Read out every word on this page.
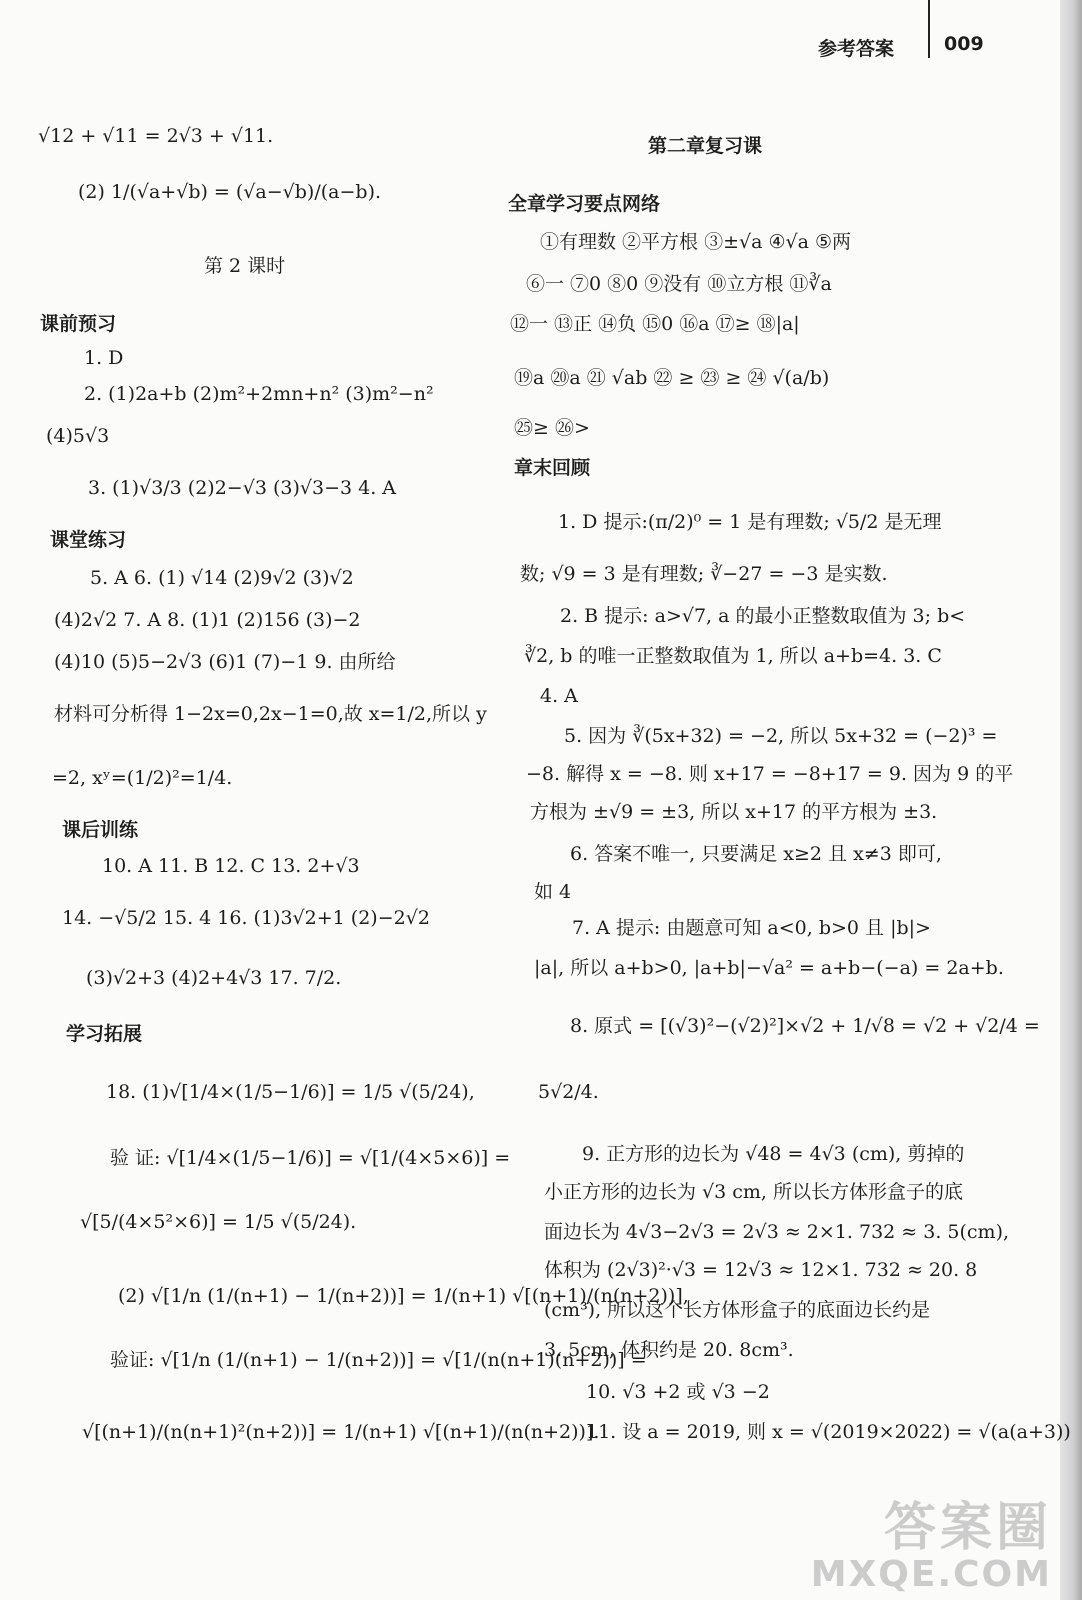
参考答案	009
√12 + √11 = 2√3 + √11.
(2) 1/(√a+√b) = (√a−√b)/(a−b).
第 2 课时
课前预习
1. D
2. (1)2a+b (2)m²+2mn+n² (3)m²−n²
(4)5√3
3. (1)√3/3 (2)2−√3 (3)√3−3 4. A
课堂练习
5. A 6. (1) √14 (2)9√2 (3)√2
(4)2√2 7. A 8. (1)1 (2)156 (3)−2
(4)10 (5)5−2√3 (6)1 (7)−1 9. 由所给
材料可分析得 1−2x=0,2x−1=0,故 x=1/2,所以 y
=2, xʸ=(1/2)²=1/4.
课后训练
10. A 11. B 12. C 13. 2+√3
14. −√5/2 15. 4 16. (1)3√2+1 (2)−2√2
(3)√2+3 (4)2+4√3 17. 7/2.
学习拓展
18. (1)√[1/4×(1/5−1/6)] = 1/5 √(5/24),
验 证: √[1/4×(1/5−1/6)] = √[1/(4×5×6)] =
√[5/(4×5²×6)] = 1/5 √(5/24).
(2) √[1/n (1/(n+1) − 1/(n+2))] = 1/(n+1) √[(n+1)/(n(n+2))],
验证: √[1/n (1/(n+1) − 1/(n+2))] = √[1/(n(n+1)(n+2))] =
√[(n+1)/(n(n+1)²(n+2))] = 1/(n+1) √[(n+1)/(n(n+2))].
第二章复习课
全章学习要点网络
①有理数 ②平方根 ③±√a ④√a ⑤两
⑥一 ⑦0 ⑧0 ⑨没有 ⑩立方根 ⑪∛a
⑫一 ⑬正 ⑭负 ⑮0 ⑯a ⑰≥ ⑱|a|
⑲a ⑳a ㉑ √ab ㉒ ≥ ㉓ ≥ ㉔ √(a/b)
㉕≥ ㉖>
章末回顾
1. D 提示:(π/2)⁰ = 1 是有理数; √5/2 是无理
数; √9 = 3 是有理数; ∛−27 = −3 是实数.
2. B 提示: a>√7, a 的最小正整数取值为 3; b<
∛2, b 的唯一正整数取值为 1, 所以 a+b=4. 3. C
4. A
5. 因为 ∛(5x+32) = −2, 所以 5x+32 = (−2)³ =
−8. 解得 x = −8. 则 x+17 = −8+17 = 9. 因为 9 的平
方根为 ±√9 = ±3, 所以 x+17 的平方根为 ±3.
6. 答案不唯一, 只要满足 x≥2 且 x≠3 即可,
如 4
7. A 提示: 由题意可知 a<0, b>0 且 |b|>
|a|, 所以 a+b>0, |a+b|−√a² = a+b−(−a) = 2a+b.
8. 原式 = [(√3)²−(√2)²]×√2 + 1/√8 = √2 + √2/4 =
5√2/4.
9. 正方形的边长为 √48 = 4√3 (cm), 剪掉的
小正方形的边长为 √3 cm, 所以长方体形盒子的底
面边长为 4√3−2√3 = 2√3 ≈ 2×1. 732 ≈ 3. 5(cm),
体积为 (2√3)²·√3 = 12√3 ≈ 12×1. 732 ≈ 20. 8
(cm³), 所以这个长方体形盒子的底面边长约是
3. 5cm, 体积约是 20. 8cm³.
10. √3 +2 或 √3 −2
11. 设 a = 2019, 则 x = √(2019×2022) = √(a(a+3))
答案圈
MXQE.COM
